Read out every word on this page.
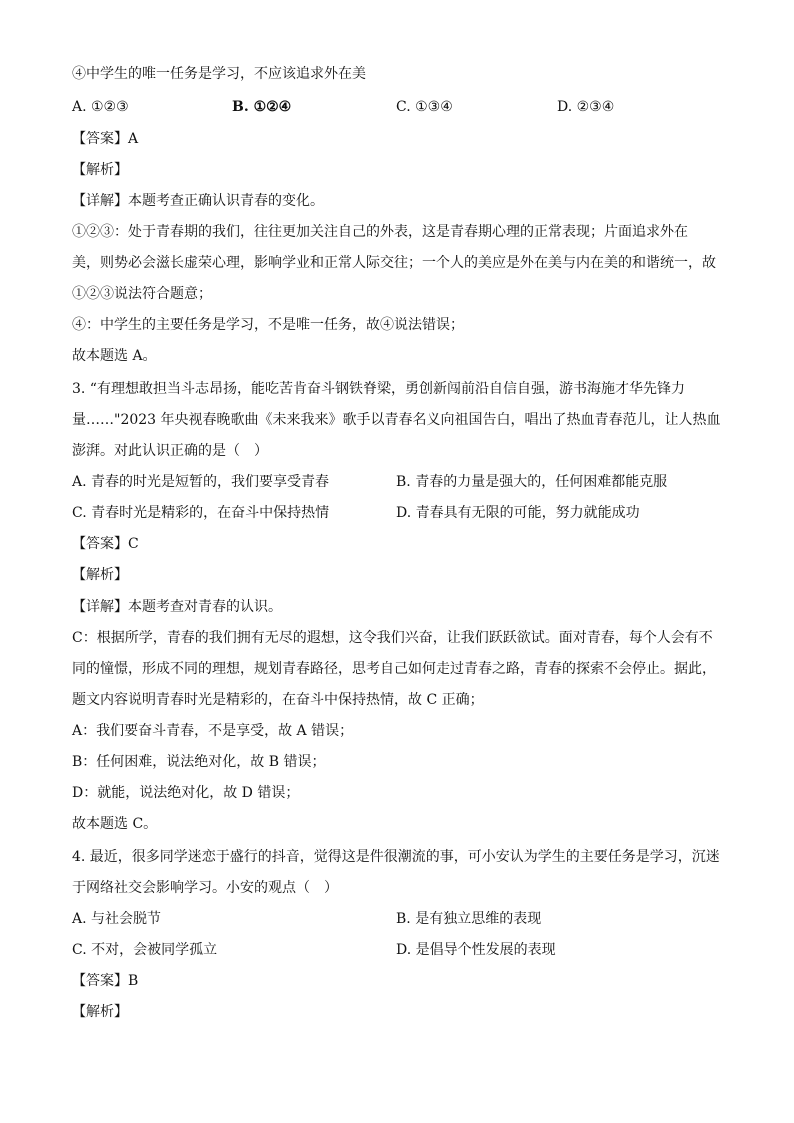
④中学生的唯一任务是学习，不应该追求外在美
A. ①②③	B. ①②④	C. ①③④	D. ②③④
【答案】A
【解析】
【详解】本题考查正确认识青春的变化。
①②③：处于青春期的我们，往往更加关注自己的外表，这是青春期心理的正常表现；片面追求外在
美，则势必会滋长虚荣心理，影响学业和正常人际交往；一个人的美应是外在美与内在美的和谐统一，故
①②③说法符合题意；
④：中学生的主要任务是学习，不是唯一任务，故④说法错误；
故本题选 A。
3. “有理想敢担当斗志昂扬，能吃苦肯奋斗钢铁脊梁，勇创新闯前沿自信自强，游书海施才华先锋力
量……"2023 年央视春晚歌曲《未来我来》歌手以青春名义向祖国告白，唱出了热血青春范儿，让人热血
澎湃。对此认识正确的是（　）
A. 青春的时光是短暂的，我们要享受青春	B. 青春的力量是强大的，任何困难都能克服
C. 青春时光是精彩的，在奋斗中保持热情	D. 青春具有无限的可能，努力就能成功
【答案】C
【解析】
【详解】本题考查对青春的认识。
C：根据所学，青春的我们拥有无尽的遐想，这令我们兴奋，让我们跃跃欲试。面对青春，每个人会有不
同的憧憬，形成不同的理想，规划青春路径，思考自己如何走过青春之路，青春的探索不会停止。据此，
题文内容说明青春时光是精彩的，在奋斗中保持热情，故 C 正确；
A：我们要奋斗青春，不是享受，故 A 错误；
B：任何困难，说法绝对化，故 B 错误；
D：就能，说法绝对化，故 D 错误；
故本题选 C。
4. 最近，很多同学迷恋于盛行的抖音，觉得这是件很潮流的事，可小安认为学生的主要任务是学习，沉迷
于网络社交会影响学习。小安的观点（　）
A. 与社会脱节	B. 是有独立思维的表现
C. 不对，会被同学孤立	D. 是倡导个性发展的表现
【答案】B
【解析】
